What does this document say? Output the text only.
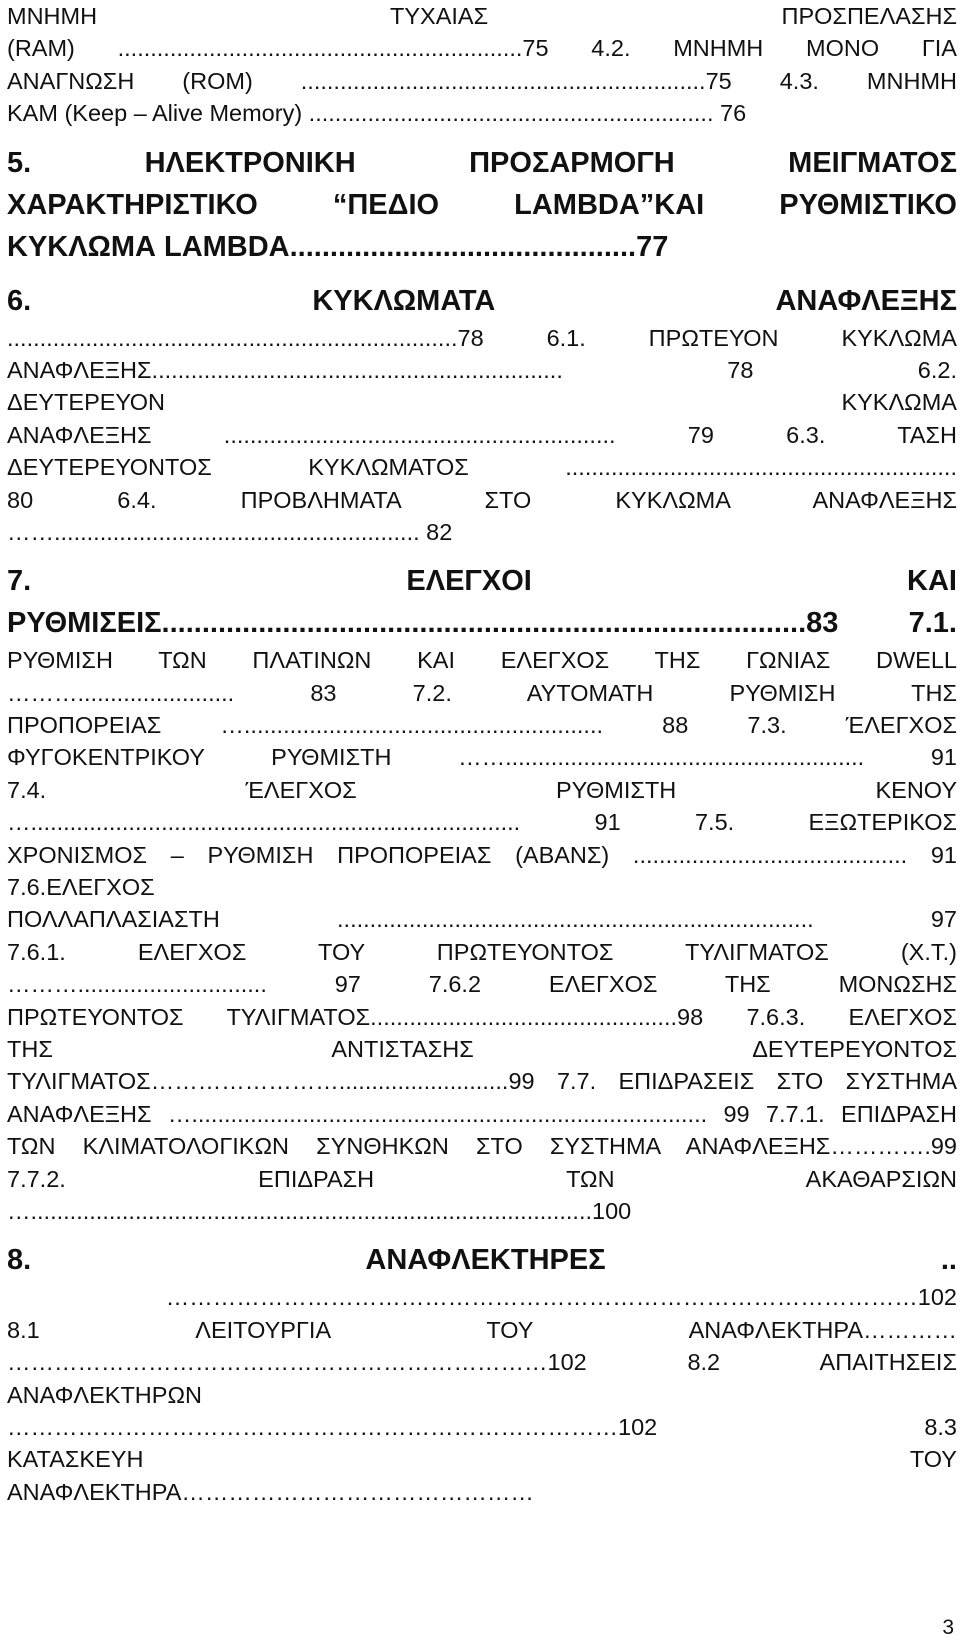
ΜΝΗΜΗ ΤΥΧΑΙΑΣ ΠΡΟΣΠΕΛΑΣΗΣ
(RAM) ..............................................................75 4.2. ΜΝΗΜΗ ΜΟΝΟ ΓΙΑ
ΑΝΑΓΝΩΣΗ (ROM) ..............................................................75 4.3. ΜΝΗΜΗ
KAM (Keep – Alive Memory) .............................................................. 76
5. ΗΛΕΚΤΡΟΝΙΚΗ ΠΡΟΣΑΡΜΟΓΗ ΜΕΙΓΜΑΤΟΣ
ΧΑΡΑΚΤΗΡΙΣΤΙΚΟ “ΠΕΔΙΟ LAMBDA”ΚΑΙ ΡΥΘΜΙΣΤΙΚΟ
ΚΥΚΛΩΜΑ LAMBDA...........................................77
6. ΚΥΚΛΩΜΑΤΑ ΑΝΑΦΛΕΞΗΣ
.....................................................................78 6.1. ΠΡΩΤΕΥΟΝ ΚΥΚΛΩΜΑ
ΑΝΑΦΛΕΞΗΣ............................................................... 78 6.2.
ΔΕΥΤΕΡΕΥΟΝ ΚΥΚΛΩΜΑ
ΑΝΑΦΛΕΞΗΣ ............................................................ 79 6.3. ΤΑΣΗ
ΔΕΥΤΕΡΕΥΟΝΤΟΣ ΚΥΚΛΩΜΑΤΟΣ ............................................................
80 6.4. ΠΡΟΒΛΗΜΑΤΑ ΣΤΟ ΚΥΚΛΩΜΑ ΑΝΑΦΛΕΞΗΣ
……........................................................ 82
7. ΕΛΕΓΧΟΙ ΚΑΙ
ΡΥΘΜΙΣΕΙΣ................................................................................83 7.1.
ΡΥΘΜΙΣΗ ΤΩΝ ΠΛΑΤΙΝΩΝ ΚΑΙ ΕΛΕΓΧΟΣ ΤΗΣ ΓΩΝΙΑΣ DWELL
………........................ 83 7.2. ΑΥΤΟΜΑΤΗ ΡΥΘΜΙΣΗ ΤΗΣ
ΠΡΟΠΟΡΕΙΑΣ …....................................................... 88 7.3. ΈΛΕΓΧΟΣ
ΦΥΓΟΚΕΝΤΡΙΚΟΥ ΡΥΘΜΙΣΤΗ ……....................................................... 91
7.4. ΈΛΕΓΧΟΣ ΡΥΘΜΙΣΤΗ ΚΕΝΟΥ
…........................................................................... 91 7.5. ΕΞΩΤΕΡΙΚΟΣ
ΧΡΟΝΙΣΜΟΣ – ΡΥΘΜΙΣΗ ΠΡΟΠΟΡΕΙΑΣ (ΑΒΑΝΣ) .......................................... 91
7.6.ΕΛΕΓΧΟΣ
ΠΟΛΛΑΠΛΑΣΙΑΣΤΗ ......................................................................... 97
7.6.1. ΕΛΕΓΧΟΣ ΤΟΥ ΠΡΩΤΕΥΟΝΤΟΣ ΤΥΛΙΓΜΑΤΟΣ (Χ.Τ.)
………............................. 97 7.6.2 ΕΛΕΓΧΟΣ ΤΗΣ ΜΟΝΩΣΗΣ
ΠΡΩΤΕΥΟΝΤΟΣ ΤΥΛΙΓΜΑΤΟΣ...............................................98 7.6.3. ΕΛΕΓΧΟΣ
ΤΗΣ ΑΝΤΙΣΤΑΣΗΣ ΔΕΥΤΕΡΕΥΟΝΤΟΣ
ΤΥΛΙΓΜΑΤΟΣ……………………..........................99 7.7. ΕΠΙΔΡΑΣΕΙΣ ΣΤΟ ΣΥΣΤΗΜΑ
ΑΝΑΦΛΕΞΗΣ …............................................................................... 99 7.7.1. ΕΠΙΔΡΑΣΗ
ΤΩΝ ΚΛΙΜΑΤΟΛΟΓΙΚΩΝ ΣΥΝΘΗΚΩΝ ΣΤΟ ΣΥΣΤΗΜΑ ΑΝΑΦΛΕΞΗΣ………….99
7.7.2. ΕΠΙΔΡΑΣΗ ΤΩΝ ΑΚΑΘΑΡΣΙΩΝ
…......................................................................................100
8. ΑΝΑΦΛΕΚΤΗΡΕΣ ..
……………………………………………………………………………………102
8.1 ΛΕΙΤΟΥΡΓΙΑ ΤΟΥ ΑΝΑΦΛΕΚΤΗΡΑ…………
……………………………………………………………102 8.2 ΑΠΑΙΤΗΣΕΙΣ
ΑΝΑΦΛΕΚΤΗΡΩΝ
……………………………………………………………………102 8.3
ΚΑΤΑΣΚΕΥΗ ΤΟΥ
ΑΝΑΦΛΕΚΤΗΡΑ………………………………………
3
